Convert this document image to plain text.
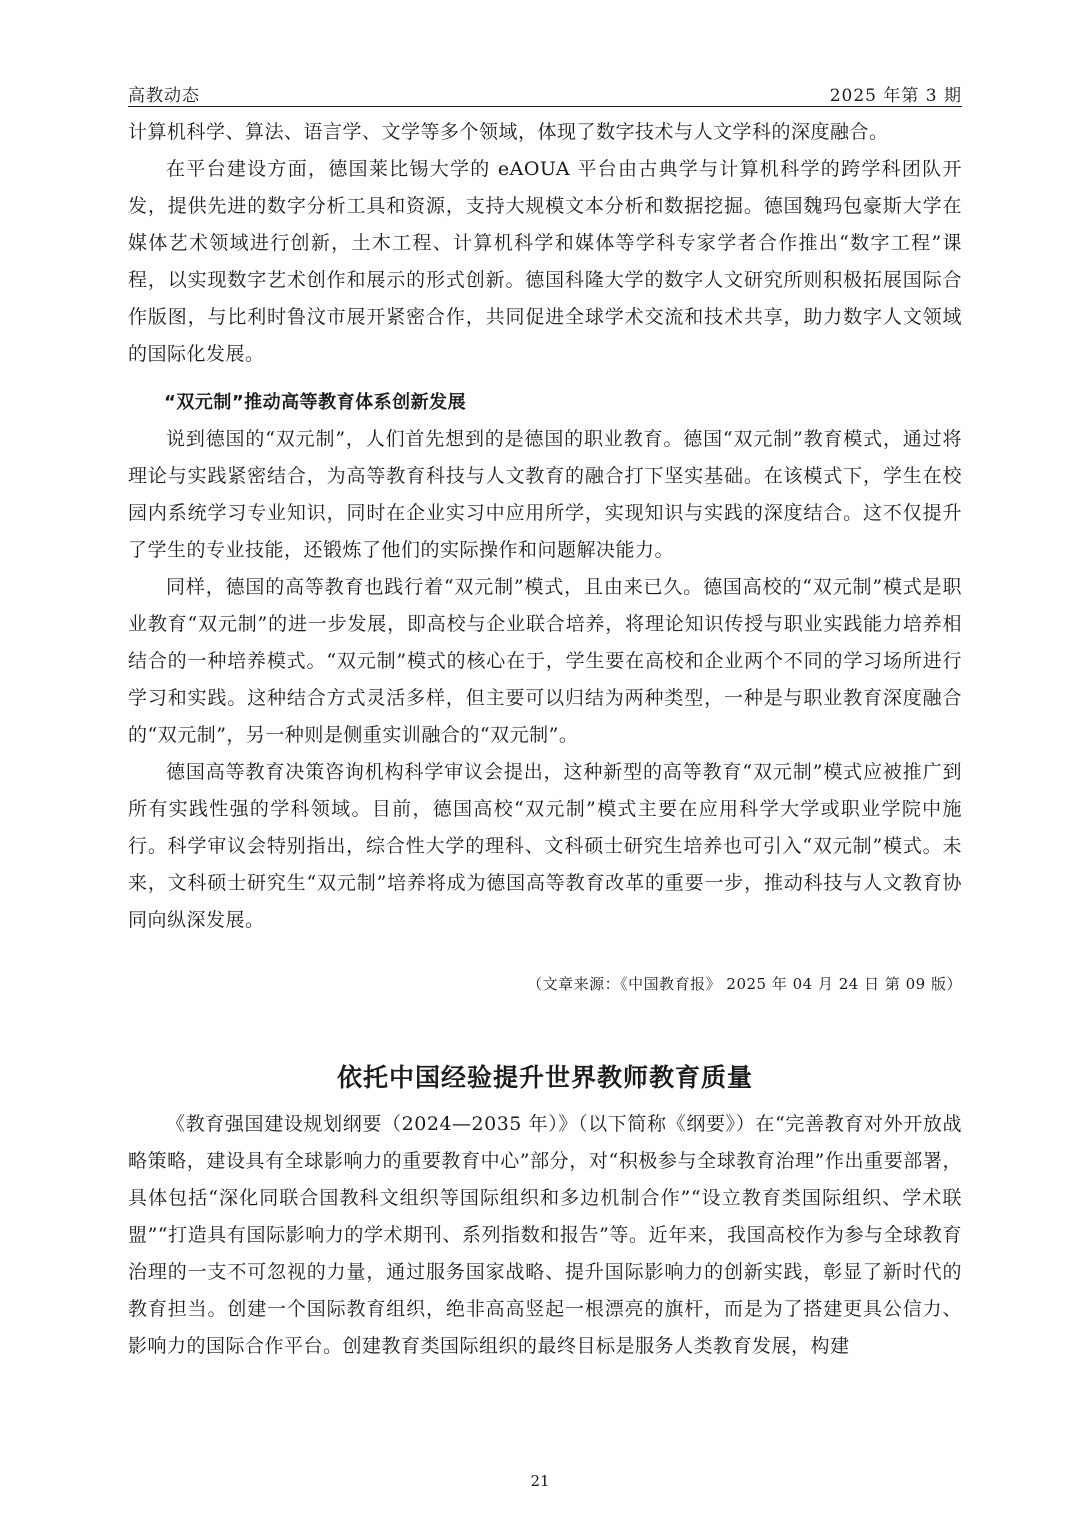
高教动态	2025 年第 3 期

计算机科学、算法、语言学、文学等多个领域，体现了数字技术与人文学科的深度融合。

在平台建设方面，德国莱比锡大学的 eAOUA 平台由古典学与计算机科学的跨学科团队开发，提供先进的数字分析工具和资源，支持大规模文本分析和数据挖掘。德国魏玛包豪斯大学在媒体艺术领域进行创新，土木工程、计算机科学和媒体等学科专家学者合作推出“数字工程”课程，以实现数字艺术创作和展示的形式创新。德国科隆大学的数字人文研究所则积极拓展国际合作版图，与比利时鲁汶市展开紧密合作，共同促进全球学术交流和技术共享，助力数字人文领域的国际化发展。

“双元制”推动高等教育体系创新发展

说到德国的“双元制”，人们首先想到的是德国的职业教育。德国“双元制”教育模式，通过将理论与实践紧密结合，为高等教育科技与人文教育的融合打下坚实基础。在该模式下，学生在校园内系统学习专业知识，同时在企业实习中应用所学，实现知识与实践的深度结合。这不仅提升了学生的专业技能，还锻炼了他们的实际操作和问题解决能力。

同样，德国的高等教育也践行着“双元制”模式，且由来已久。德国高校的“双元制”模式是职业教育“双元制”的进一步发展，即高校与企业联合培养，将理论知识传授与职业实践能力培养相结合的一种培养模式。“双元制”模式的核心在于，学生要在高校和企业两个不同的学习场所进行学习和实践。这种结合方式灵活多样，但主要可以归结为两种类型，一种是与职业教育深度融合的“双元制”，另一种则是侧重实训融合的“双元制”。

德国高等教育决策咨询机构科学审议会提出，这种新型的高等教育“双元制”模式应被推广到所有实践性强的学科领域。目前，德国高校“双元制”模式主要在应用科学大学或职业学院中施行。科学审议会特别指出，综合性大学的理科、文科硕士研究生培养也可引入“双元制”模式。未来，文科硕士研究生“双元制”培养将成为德国高等教育改革的重要一步，推动科技与人文教育协同向纵深发展。

（文章来源：《中国教育报》 2025 年 04 月 24 日 第 09 版）

依托中国经验提升世界教师教育质量

《教育强国建设规划纲要（2024—2035 年）》（以下简称《纲要》）在“完善教育对外开放战略策略，建设具有全球影响力的重要教育中心”部分，对“积极参与全球教育治理”作出重要部署，具体包括“深化同联合国教科文组织等国际组织和多边机制合作”“设立教育类国际组织、学术联盟”“打造具有国际影响力的学术期刊、系列指数和报告”等。近年来，我国高校作为参与全球教育治理的一支不可忽视的力量，通过服务国家战略、提升国际影响力的创新实践，彰显了新时代的教育担当。创建一个国际教育组织，绝非高高竖起一根漂亮的旗杆，而是为了搭建更具公信力、影响力的国际合作平台。创建教育类国际组织的最终目标是服务人类教育发展，构建

21
